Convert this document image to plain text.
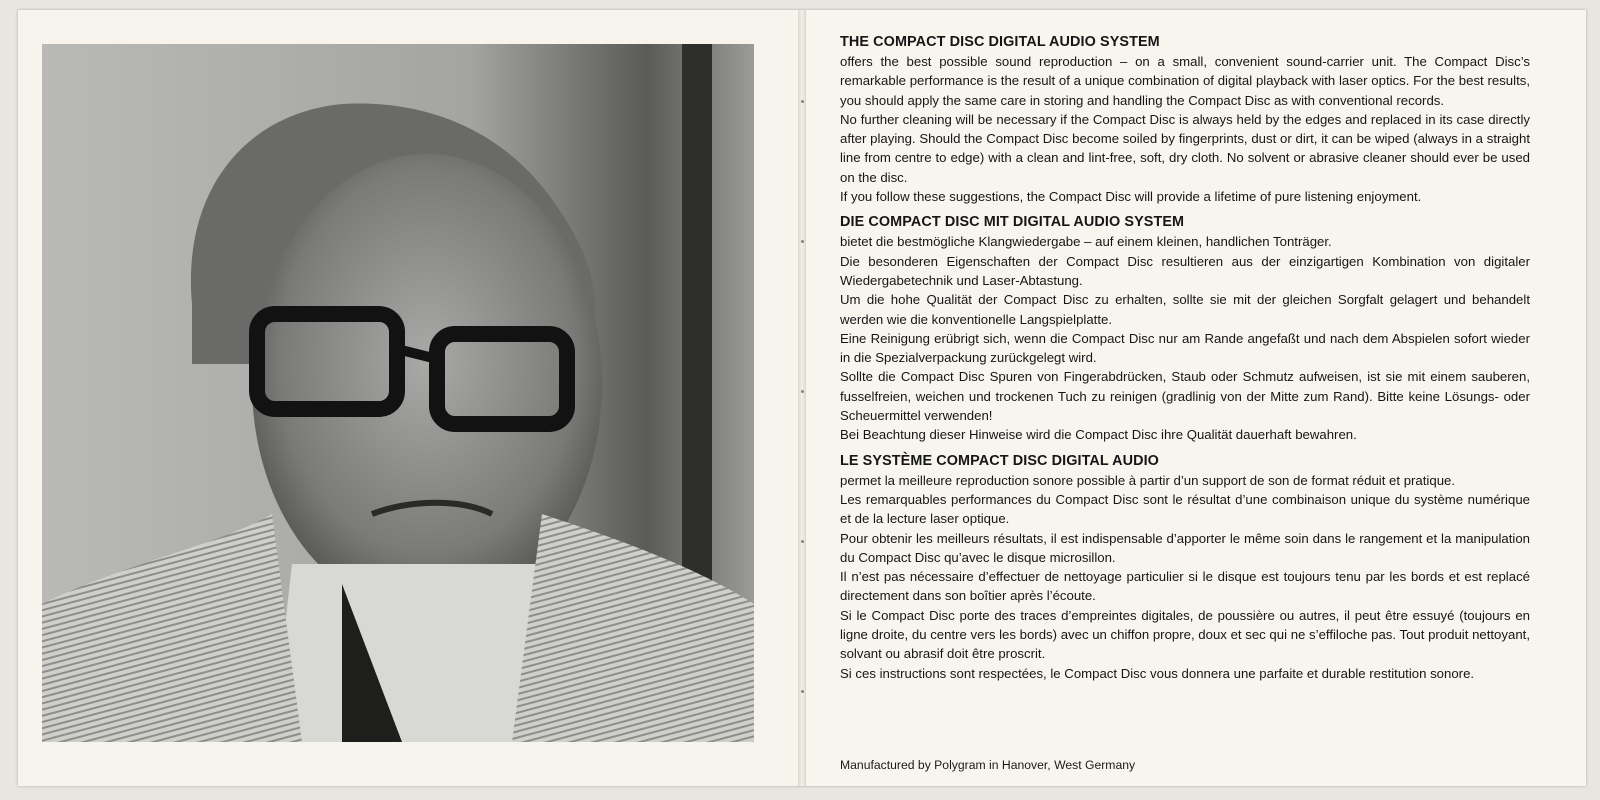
THE COMPACT DISC DIGITAL AUDIO SYSTEM

offers the best possible sound reproduction – on a small, convenient sound-carrier unit. The Compact Disc’s remarkable performance is the result of a unique combination of digital playback with laser optics. For the best results, you should apply the same care in storing and handling the Compact Disc as with conventional records.

No further cleaning will be necessary if the Compact Disc is always held by the edges and replaced in its case directly after playing. Should the Compact Disc become soiled by fingerprints, dust or dirt, it can be wiped (always in a straight line from centre to edge) with a clean and lint-free, soft, dry cloth. No solvent or abrasive cleaner should ever be used on the disc.

If you follow these suggestions, the Compact Disc will provide a lifetime of pure listening enjoyment.

DIE COMPACT DISC MIT DIGITAL AUDIO SYSTEM

bietet die bestmögliche Klangwiedergabe – auf einem kleinen, handlichen Tonträger.

Die besonderen Eigenschaften der Compact Disc resultieren aus der einzigartigen Kombination von digitaler Wiedergabetechnik und Laser-Abtastung.

Um die hohe Qualität der Compact Disc zu erhalten, sollte sie mit der gleichen Sorgfalt gelagert und behandelt werden wie die konventionelle Langspielplatte.

Eine Reinigung erübrigt sich, wenn die Compact Disc nur am Rande angefaßt und nach dem Abspielen sofort wieder in die Spezialverpackung zurückgelegt wird.

Sollte die Compact Disc Spuren von Fingerabdrücken, Staub oder Schmutz aufweisen, ist sie mit einem sauberen, fusselfreien, weichen und trockenen Tuch zu reinigen (gradlinig von der Mitte zum Rand). Bitte keine Lösungs- oder Scheuermittel verwenden!

Bei Beachtung dieser Hinweise wird die Compact Disc ihre Qualität dauerhaft bewahren.

LE SYSTÈME COMPACT DISC DIGITAL AUDIO

permet la meilleure reproduction sonore possible à partir d’un support de son de format réduit et pratique.

Les remarquables performances du Compact Disc sont le résultat d’une combinaison unique du système numérique et de la lecture laser optique.

Pour obtenir les meilleurs résultats, il est indispensable d’apporter le même soin dans le rangement et la manipulation du Compact Disc qu’avec le disque microsillon.

Il n’est pas nécessaire d’effectuer de nettoyage particulier si le disque est toujours tenu par les bords et est replacé directement dans son boîtier après l’écoute.

Si le Compact Disc porte des traces d’empreintes digitales, de poussière ou autres, il peut être essuyé (toujours en ligne droite, du centre vers les bords) avec un chiffon propre, doux et sec qui ne s’effiloche pas. Tout produit nettoyant, solvant ou abrasif doit être proscrit.

Si ces instructions sont respectées, le Compact Disc vous donnera une parfaite et durable restitution sonore.

Manufactured by Polygram in Hanover, West Germany
